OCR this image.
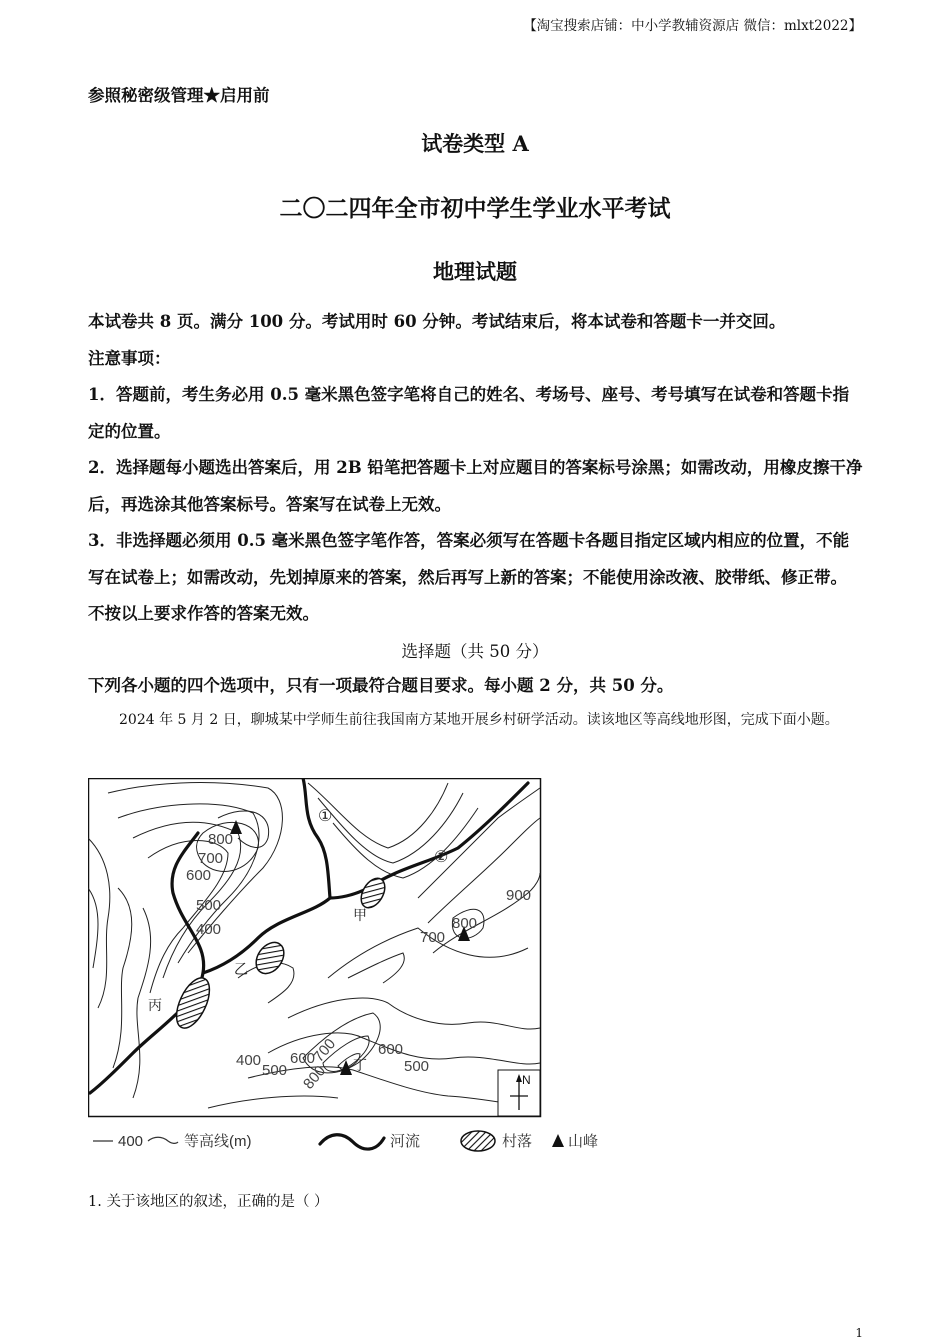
【淘宝搜索店铺：中小学教辅资源店 微信：mlxt2022】
参照秘密级管理★启用前
试卷类型 A
二〇二四年全市初中学生学业水平考试
地理试题
本试卷共 8 页。满分 100 分。考试用时 60 分钟。考试结束后，将本试卷和答题卡一并交回。
注意事项：
1．答题前，考生务必用 0.5 毫米黑色签字笔将自己的姓名、考场号、座号、考号填写在试卷和答题卡指定的位置。
2．选择题每小题选出答案后，用 2B 铅笔把答题卡上对应题目的答案标号涂黑；如需改动，用橡皮擦干净后，再选涂其他答案标号。答案写在试卷上无效。
3．非选择题必须用 0.5 毫米黑色签字笔作答，答案必须写在答题卡各题目指定区域内相应的位置，不能写在试卷上；如需改动，先划掉原来的答案，然后再写上新的答案；不能使用涂改液、胶带纸、修正带。不按以上要求作答的答案无效。
选择题（共 50 分）
下列各小题的四个选项中，只有一项最符合题目要求。每小题 2 分，共 50 分。
2024 年 5 月 2 日，聊城某中学师生前往我国南方某地开展乡村研学活动。读该地区等高线地形图，完成下面小题。
800
700
600
500
400
900
800
700
400
500
600
700
800
600
500
①
②
甲
乙
丙
丁
N
400	等高线(m)	河流	村落 山峰
1. 关于该地区的叙述，正确的是（ ）
1
